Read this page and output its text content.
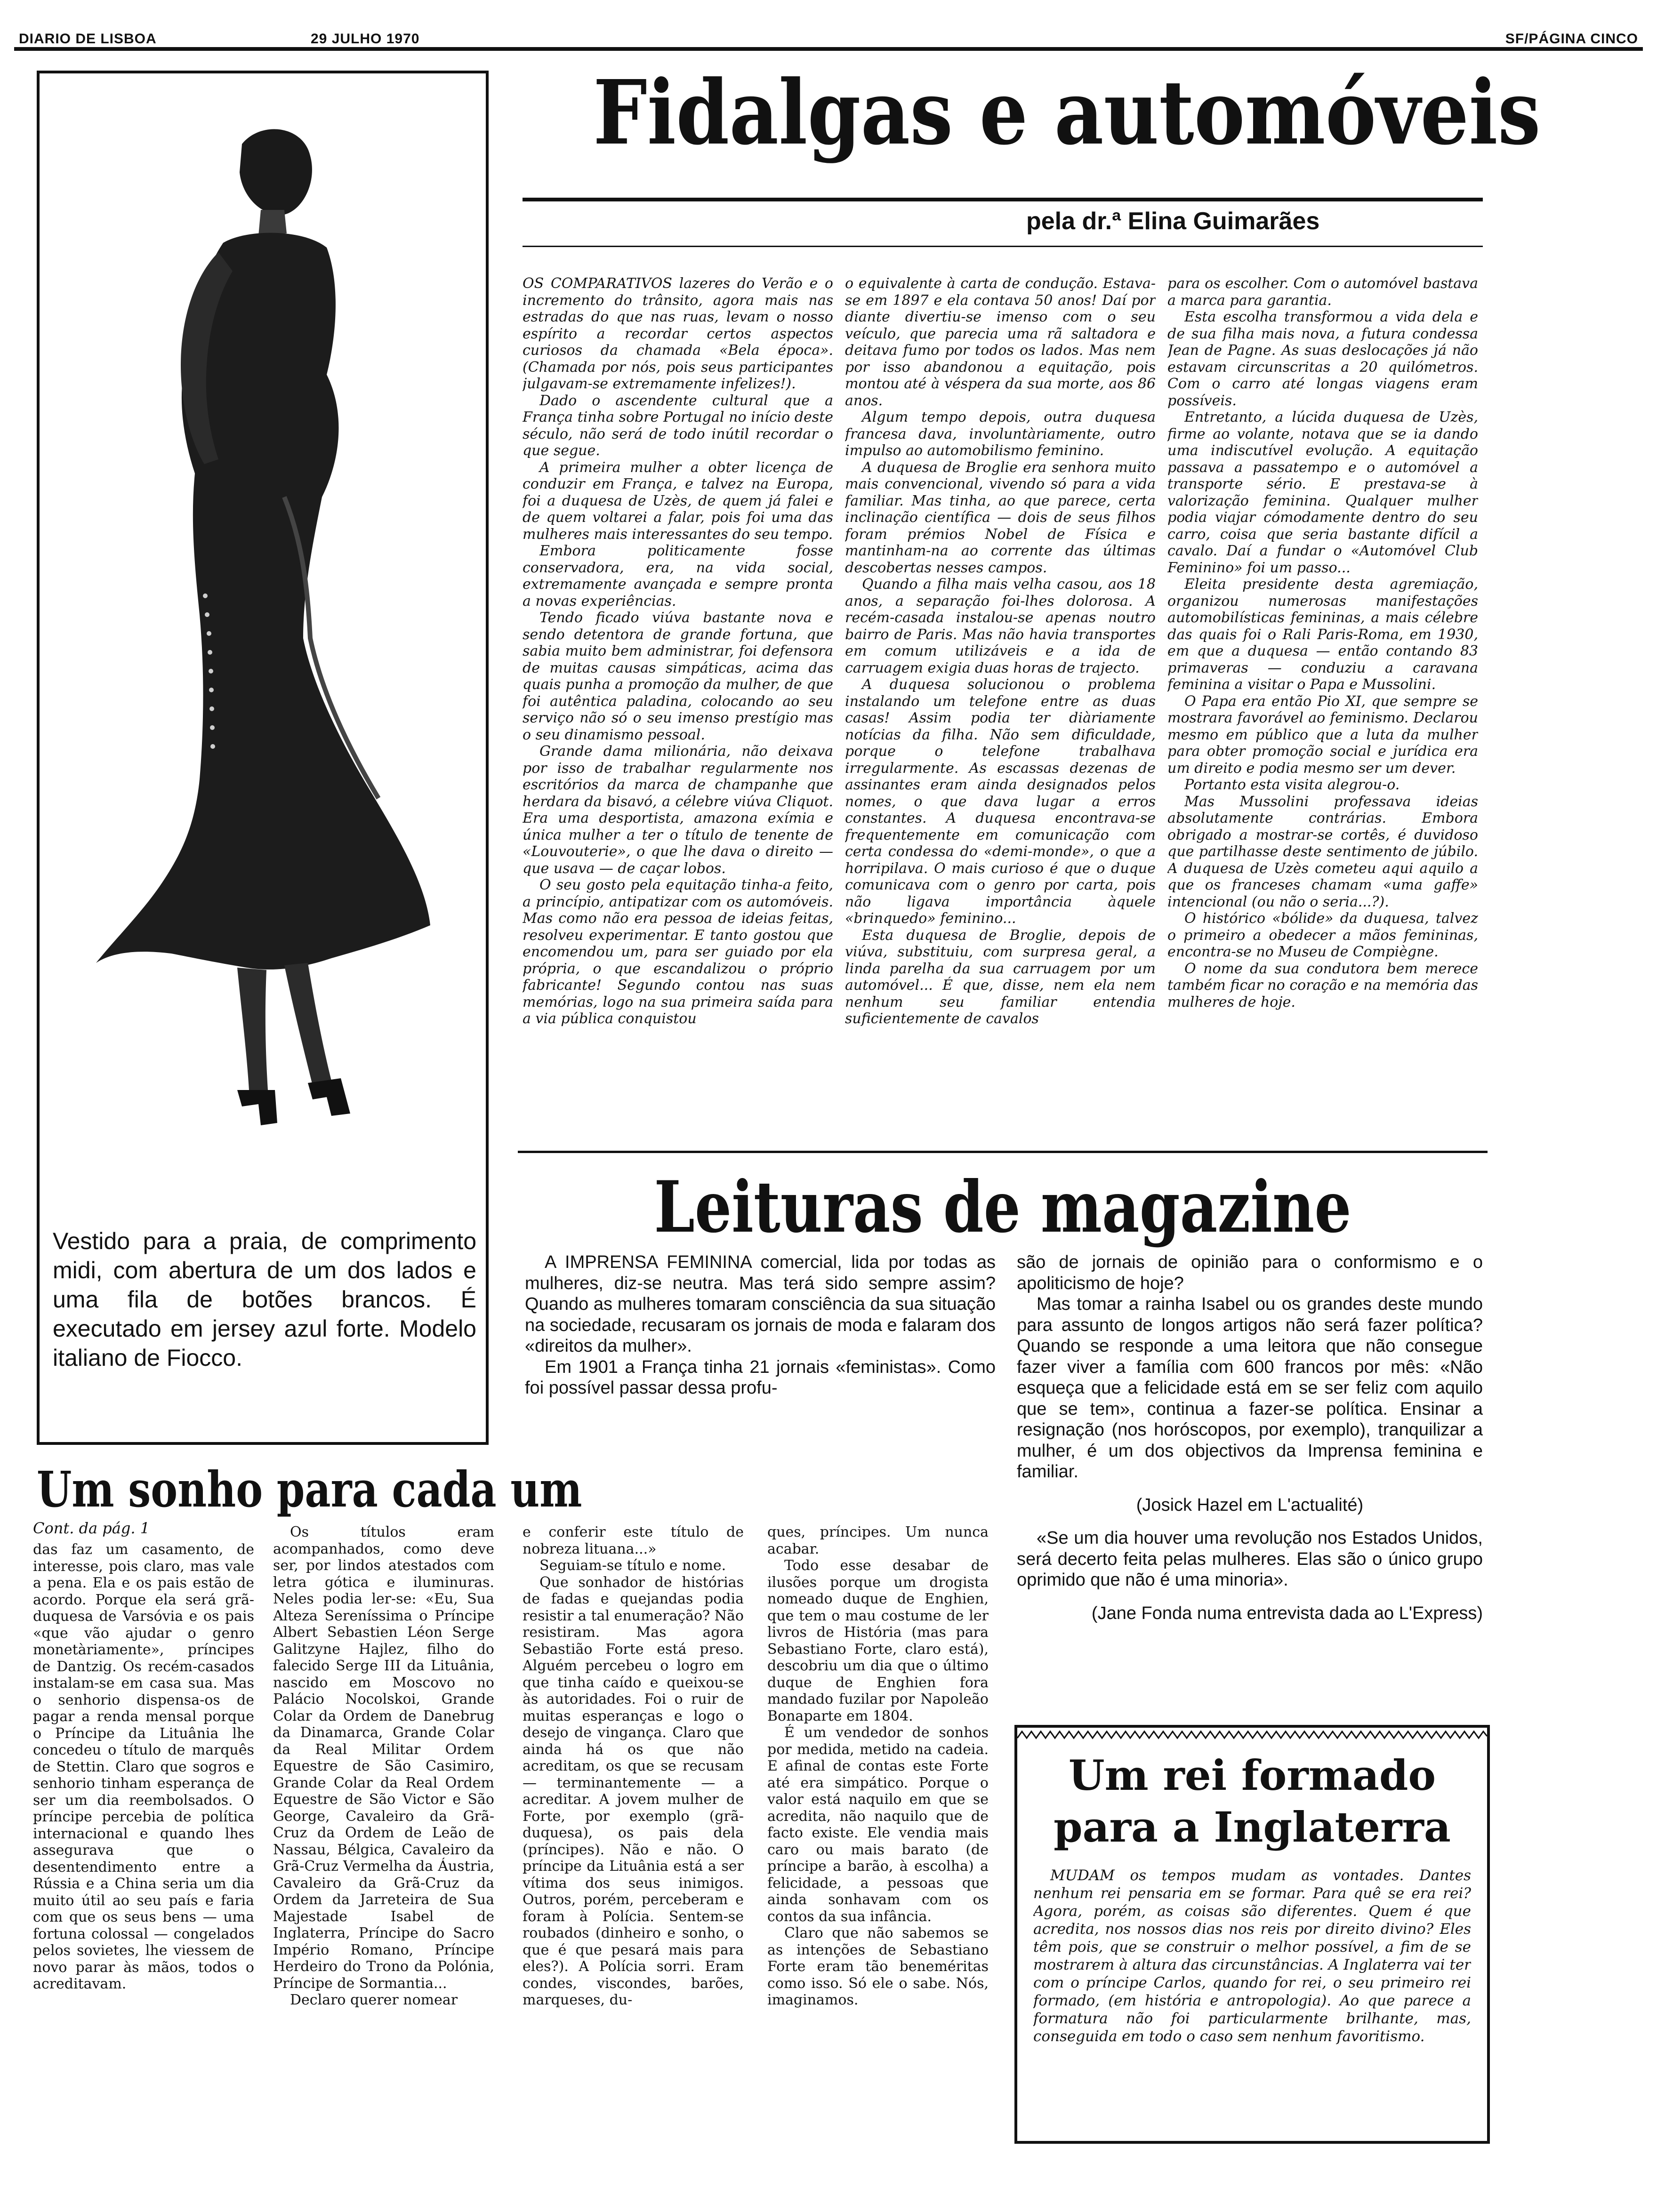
DIARIO DE LISBOA	29 JULHO 1970	SF/PÁGINA CINCO
Vestido para a praia, de comprimento midi, com abertura de um dos lados e uma fila de botões brancos. É executado em jersey azul forte. Modelo italiano de Fiocco.
Fidalgas e automóveis
pela dr.ª Elina Guimarães

OS COMPARATIVOS lazeres do Verão e o incremento do trânsito, agora mais nas estradas do que nas ruas, levam o nosso espírito a recordar certos aspectos curiosos da chamada «Bela época». (Chamada por nós, pois seus participantes julgavam-se extremamente infelizes!).

Dado o ascendente cultural que a França tinha sobre Portugal no início deste século, não será de todo inútil recordar o que segue.

A primeira mulher a obter licença de conduzir em França, e talvez na Europa, foi a duquesa de Uzès, de quem já falei e de quem voltarei a falar, pois foi uma das mulheres mais interessantes do seu tempo.

Embora politicamente fosse conservadora, era, na vida social, extremamente avançada e sempre pronta a novas experiências.

Tendo ficado viúva bastante nova e sendo detentora de grande fortuna, que sabia muito bem administrar, foi defensora de muitas causas simpáticas, acima das quais punha a promoção da mulher, de que foi autêntica paladina, colocando ao seu serviço não só o seu imenso prestígio mas o seu dinamismo pessoal.

Grande dama milionária, não deixava por isso de trabalhar regularmente nos escritórios da marca de champanhe que herdara da bisavó, a célebre viúva Cliquot. Era uma desportista, amazona exímia e única mulher a ter o título de tenente de «Louvouterie», o que lhe dava o direito — que usava — de caçar lobos.

O seu gosto pela equitação tinha-a feito, a princípio, antipatizar com os automóveis. Mas como não era pessoa de ideias feitas, resolveu experimentar. E tanto gostou que encomendou um, para ser guiado por ela própria, o que escandalizou o próprio fabricante! Segundo contou nas suas memórias, logo na sua primeira saída para a via pública conquistou

o equivalente à carta de condução. Estava-se em 1897 e ela contava 50 anos! Daí por diante divertiu-se imenso com o seu veículo, que parecia uma rã saltadora e deitava fumo por todos os lados. Mas nem por isso abandonou a equitação, pois montou até à véspera da sua morte, aos 86 anos.

Algum tempo depois, outra duquesa francesa dava, involuntàriamente, outro impulso ao automobilismo feminino.

A duquesa de Broglie era senhora muito mais convencional, vivendo só para a vida familiar. Mas tinha, ao que parece, certa inclinação científica — dois de seus filhos foram prémios Nobel de Física e mantinham-na ao corrente das últimas descobertas nesses campos.

Quando a filha mais velha casou, aos 18 anos, a separação foi-lhes dolorosa. A recém-casada instalou-se apenas noutro bairro de Paris. Mas não havia transportes em comum utilizáveis e a ida de carruagem exigia duas horas de trajecto.

A duquesa solucionou o problema instalando um telefone entre as duas casas! Assim podia ter diàriamente notícias da filha. Não sem dificuldade, porque o telefone trabalhava irregularmente. As escassas dezenas de assinantes eram ainda designados pelos nomes, o que dava lugar a erros constantes. A duquesa encontrava-se frequentemente em comunicação com certa condessa do «demi-monde», o que a horripilava. O mais curioso é que o duque comunicava com o genro por carta, pois não ligava importância àquele «brinquedo» feminino...

Esta duquesa de Broglie, depois de viúva, substituiu, com surpresa geral, a linda parelha da sua carruagem por um automóvel... É que, disse, nem ela nem nenhum seu familiar entendia suficientemente de cavalos

para os escolher. Com o automóvel bastava a marca para garantia.

Esta escolha transformou a vida dela e de sua filha mais nova, a futura condessa Jean de Pagne. As suas deslocações já não estavam circunscritas a 20 quilómetros. Com o carro até longas viagens eram possíveis.

Entretanto, a lúcida duquesa de Uzès, firme ao volante, notava que se ia dando uma indiscutível evolução. A equitação passava a passatempo e o automóvel a transporte sério. E prestava-se à valorização feminina. Qualquer mulher podia viajar cómodamente dentro do seu carro, coisa que seria bastante difícil a cavalo. Daí a fundar o «Automóvel Club Feminino» foi um passo...

Eleita presidente desta agremiação, organizou numerosas manifestações automobilísticas femininas, a mais célebre das quais foi o Rali Paris-Roma, em 1930, em que a duquesa — então contando 83 primaveras — conduziu a caravana feminina a visitar o Papa e Mussolini.

O Papa era então Pio XI, que sempre se mostrara favorável ao feminismo. Declarou mesmo em público que a luta da mulher para obter promoção social e jurídica era um direito e podia mesmo ser um dever.

Portanto esta visita alegrou-o.

Mas Mussolini professava ideias absolutamente contrárias. Embora obrigado a mostrar-se cortês, é duvidoso que partilhasse deste sentimento de júbilo. A duquesa de Uzès cometeu aqui aquilo a que os franceses chamam «uma gaffe» intencional (ou não o seria...?).

O histórico «bólide» da duquesa, talvez o primeiro a obedecer a mãos femininas, encontra-se no Museu de Compiègne.

O nome da sua condutora bem merece também ficar no coração e na memória das mulheres de hoje.

Leituras de magazine

A IMPRENSA FEMININA comercial, lida por todas as mulheres, diz-se neutra. Mas terá sido sempre assim? Quando as mulheres tomaram consciência da sua situação na sociedade, recusaram os jornais de moda e falaram dos «direitos da mulher».

Em 1901 a França tinha 21 jornais «feministas». Como foi possível passar dessa profu-

são de jornais de opinião para o conformismo e o apoliticismo de hoje?

Mas tomar a rainha Isabel ou os grandes deste mundo para assunto de longos artigos não será fazer política? Quando se responde a uma leitora que não consegue fazer viver a família com 600 francos por mês: «Não esqueça que a felicidade está em se ser feliz com aquilo que se tem», continua a fazer-se política. Ensinar a resignação (nos horóscopos, por exemplo), tranquilizar a mulher, é um dos objectivos da Imprensa feminina e familiar.

(Josick Hazel em L'actualité)

«Se um dia houver uma revolução nos Estados Unidos, será decerto feita pelas mulheres. Elas são o único grupo oprimido que não é uma minoria».

(Jane Fonda numa entrevista dada ao L'Express)

Um sonho para cada um
Cont. da pág. 1

das faz um casamento, de interesse, pois claro, mas vale a pena. Ela e os pais estão de acordo. Porque ela será grã-duquesa de Varsóvia e os pais «que vão ajudar o genro monetàriamente», príncipes de Dantzig. Os recém-casados instalam-se em casa sua. Mas o senhorio dispensa-os de pagar a renda mensal porque o Príncipe da Lituânia lhe concedeu o título de marquês de Stettin. Claro que sogros e senhorio tinham esperança de ser um dia reembolsados. O príncipe percebia de política internacional e quando lhes assegurava que o desentendimento entre a Rússia e a China seria um dia muito útil ao seu país e faria com que os seus bens — uma fortuna colossal — congelados pelos sovietes, lhe viessem de novo parar às mãos, todos o acreditavam.

Os títulos eram acompanhados, como deve ser, por lindos atestados com letra gótica e iluminuras. Neles podia ler-se: «Eu, Sua Alteza Sereníssima o Príncipe Albert Sebastien Léon Serge Galitzyne Hajlez, filho do falecido Serge III da Lituânia, nascido em Moscovo no Palácio Nocolskoi, Grande Colar da Ordem de Danebrug da Dinamarca, Grande Colar da Real Militar Ordem Equestre de São Casimiro, Grande Colar da Real Ordem Equestre de São Victor e São George, Cavaleiro da Grã-Cruz da Ordem de Leão de Nassau, Bélgica, Cavaleiro da Grã-Cruz Vermelha da Áustria, Cavaleiro da Grã-Cruz da Ordem da Jarreteira de Sua Majestade Isabel de Inglaterra, Príncipe do Sacro Império Romano, Príncipe Herdeiro do Trono da Polónia, Príncipe de Sormantia...

Declaro querer nomear

e conferir este título de nobreza lituana...»

Seguiam-se título e nome.

Que sonhador de histórias de fadas e quejandas podia resistir a tal enumeração? Não resistiram. Mas agora Sebastião Forte está preso. Alguém percebeu o logro em que tinha caído e queixou-se às autoridades. Foi o ruir de muitas esperanças e logo o desejo de vingança. Claro que ainda há os que não acreditam, os que se recusam — terminantemente — a acreditar. A jovem mulher de Forte, por exemplo (grã-duquesa), os pais dela (príncipes). Não e não. O príncipe da Lituânia está a ser vítima dos seus inimigos. Outros, porém, perceberam e foram à Polícia. Sentem-se roubados (dinheiro e sonho, o que é que pesará mais para eles?). A Polícia sorri. Eram condes, viscondes, barões, marqueses, du-

ques, príncipes. Um nunca acabar.

Todo esse desabar de ilusões porque um drogista nomeado duque de Enghien, que tem o mau costume de ler livros de História (mas para Sebastiano Forte, claro está), descobriu um dia que o último duque de Enghien fora mandado fuzilar por Napoleão Bonaparte em 1804.

É um vendedor de sonhos por medida, metido na cadeia. E afinal de contas este Forte até era simpático. Porque o valor está naquilo em que se acredita, não naquilo que de facto existe. Ele vendia mais caro ou mais barato (de príncipe a barão, à escolha) a felicidade, a pessoas que ainda sonhavam com os contos da sua infância.

Claro que não sabemos se as intenções de Sebastiano Forte eram tão beneméritas como isso. Só ele o sabe. Nós, imaginamos.

Um rei formado
para a Inglaterra

MUDAM os tempos mudam as vontades. Dantes nenhum rei pensaria em se formar. Para quê se era rei? Agora, porém, as coisas são diferentes. Quem é que acredita, nos nossos dias nos reis por direito divino? Eles têm pois, que se construir o melhor possível, a fim de se mostrarem à altura das circunstâncias. A Inglaterra vai ter com o príncipe Carlos, quando for rei, o seu primeiro rei formado, (em história e antropologia). Ao que parece a formatura não foi particularmente brilhante, mas, conseguida em todo o caso sem nenhum favoritismo.
